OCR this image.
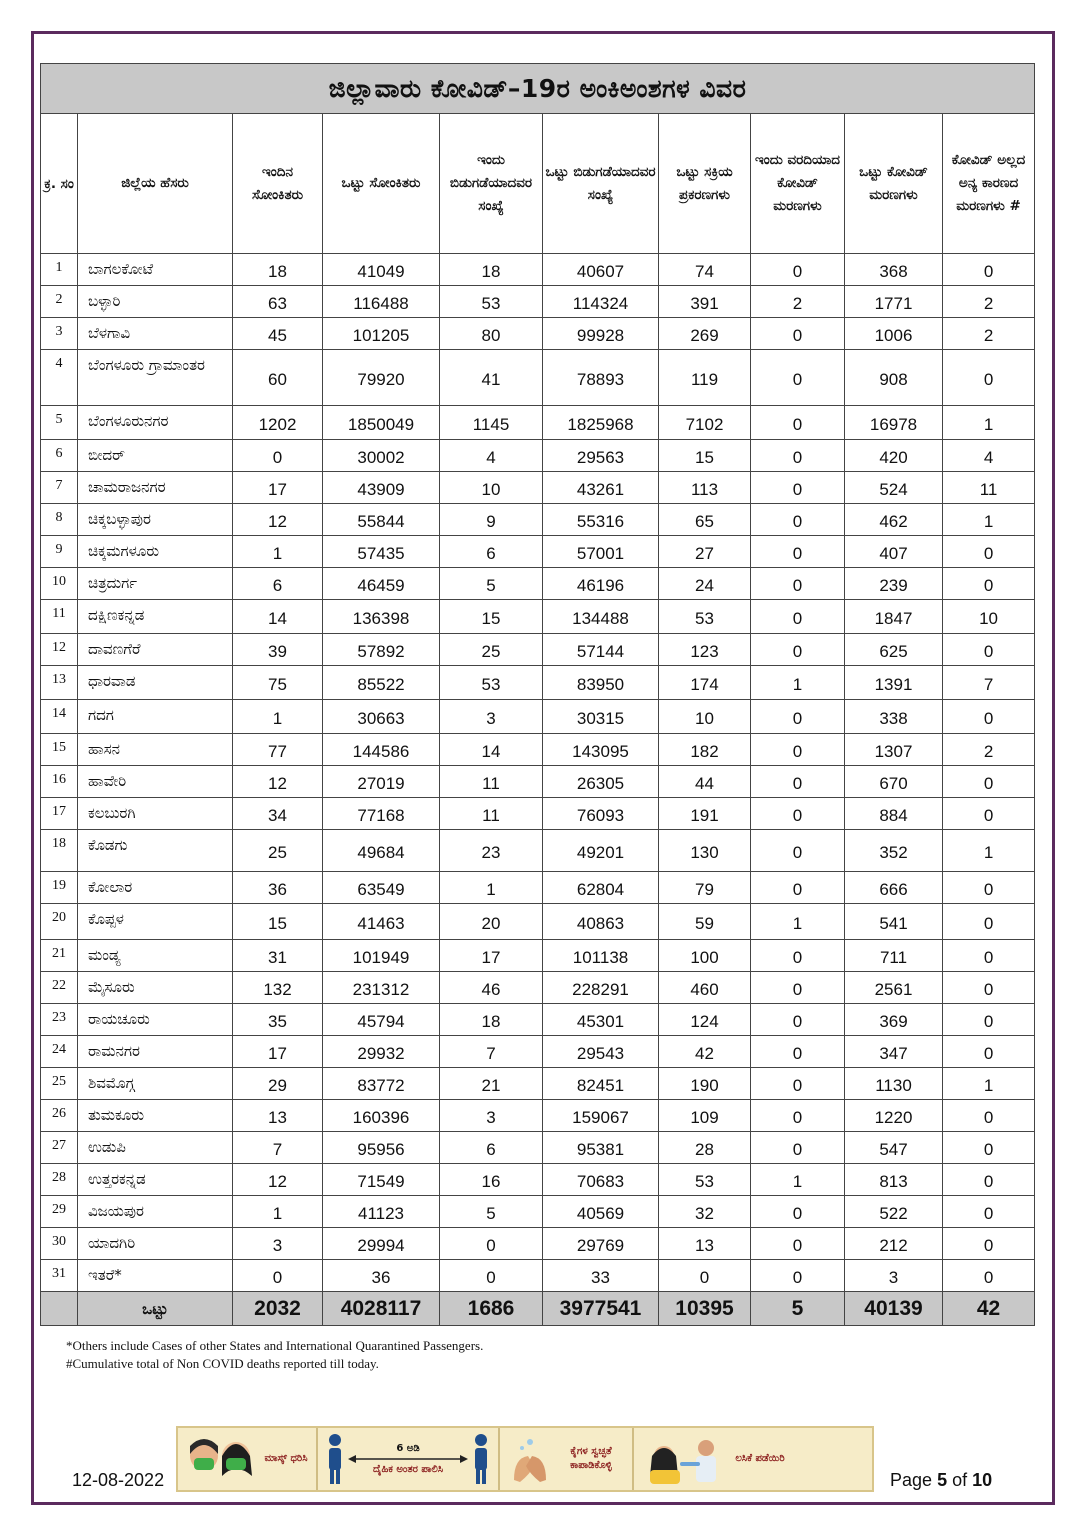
ಜಿಲ್ಲಾವಾರು ಕೋವಿಡ್–19ರ ಅಂಕಿಅಂಶಗಳ ವಿವರ									
ಕ್ರ. ಸಂ	ಜಿಲ್ಲೆಯ ಹೆಸರು	ಇಂದಿನ ಸೋಂಕಿತರು	ಒಟ್ಟು ಸೋಂಕಿತರು	ಇಂದು ಬಿಡುಗಡೆಯಾದವರ ಸಂಖ್ಯೆ	ಒಟ್ಟು ಬಿಡುಗಡೆಯಾದವರ ಸಂಖ್ಯೆ	ಒಟ್ಟು ಸಕ್ರಿಯ ಪ್ರಕರಣಗಳು	ಇಂದು ವರದಿಯಾದ ಕೋವಿಡ್ ಮರಣಗಳು	ಒಟ್ಟು ಕೋವಿಡ್ ಮರಣಗಳು	ಕೋವಿಡ್ ಅಲ್ಲದ ಅನ್ಯ ಕಾರಣದ ಮರಣಗಳು #
1	ಬಾಗಲಕೋಟೆ	18	41049	18	40607	74	0	368	0
2	ಬಳ್ಳಾರಿ	63	116488	53	114324	391	2	1771	2
3	ಬೆಳಗಾವಿ	45	101205	80	99928	269	0	1006	2
4	ಬೆಂಗಳೂರು ಗ್ರಾಮಾಂತರ	60	79920	41	78893	119	0	908	0
5	ಬೆಂಗಳೂರುನಗರ	1202	1850049	1145	1825968	7102	0	16978	1
6	ಬೀದರ್	0	30002	4	29563	15	0	420	4
7	ಚಾಮರಾಜನಗರ	17	43909	10	43261	113	0	524	11
8	ಚಿಕ್ಕಬಳ್ಳಾಪುರ	12	55844	9	55316	65	0	462	1
9	ಚಿಕ್ಕಮಗಳೂರು	1	57435	6	57001	27	0	407	0
10	ಚಿತ್ರದುರ್ಗ	6	46459	5	46196	24	0	239	0
11	ದಕ್ಷಿಣಕನ್ನಡ	14	136398	15	134488	53	0	1847	10
12	ದಾವಣಗೆರೆ	39	57892	25	57144	123	0	625	0
13	ಧಾರವಾಡ	75	85522	53	83950	174	1	1391	7
14	ಗದಗ	1	30663	3	30315	10	0	338	0
15	ಹಾಸನ	77	144586	14	143095	182	0	1307	2
16	ಹಾವೇರಿ	12	27019	11	26305	44	0	670	0
17	ಕಲಬುರಗಿ	34	77168	11	76093	191	0	884	0
18	ಕೊಡಗು	25	49684	23	49201	130	0	352	1
19	ಕೋಲಾರ	36	63549	1	62804	79	0	666	0
20	ಕೊಪ್ಪಳ	15	41463	20	40863	59	1	541	0
21	ಮಂಡ್ಯ	31	101949	17	101138	100	0	711	0
22	ಮೈಸೂರು	132	231312	46	228291	460	0	2561	0
23	ರಾಯಚೂರು	35	45794	18	45301	124	0	369	0
24	ರಾಮನಗರ	17	29932	7	29543	42	0	347	0
25	ಶಿವಮೊಗ್ಗ	29	83772	21	82451	190	0	1130	1
26	ತುಮಕೂರು	13	160396	3	159067	109	0	1220	0
27	ಉಡುಪಿ	7	95956	6	95381	28	0	547	0
28	ಉತ್ತರಕನ್ನಡ	12	71549	16	70683	53	1	813	0
29	ವಿಜಯಪುರ	1	41123	5	40569	32	0	522	0
30	ಯಾದಗಿರಿ	3	29994	0	29769	13	0	212	0
31	ಇತರೆ*	0	36	0	33	0	0	3	0
	ಒಟ್ಟು	2032	4028117	1686	3977541	10395	5	40139	42
*Others include Cases of other States and International Quarantined Passengers.
#Cumulative total of Non COVID deaths reported till today.
ಮಾಸ್ಕ್ ಧರಿಸಿ
6 ಅಡಿ
ದೈಹಿಕ ಅಂತರ ಪಾಲಿಸಿ
ಕೈಗಳ ಸ್ವಚ್ಛತೆ ಕಾಪಾಡಿಕೊಳ್ಳಿ
ಲಸಿಕೆ ಪಡೆಯಿರಿ
12-08-2022	Page 5 of 10
